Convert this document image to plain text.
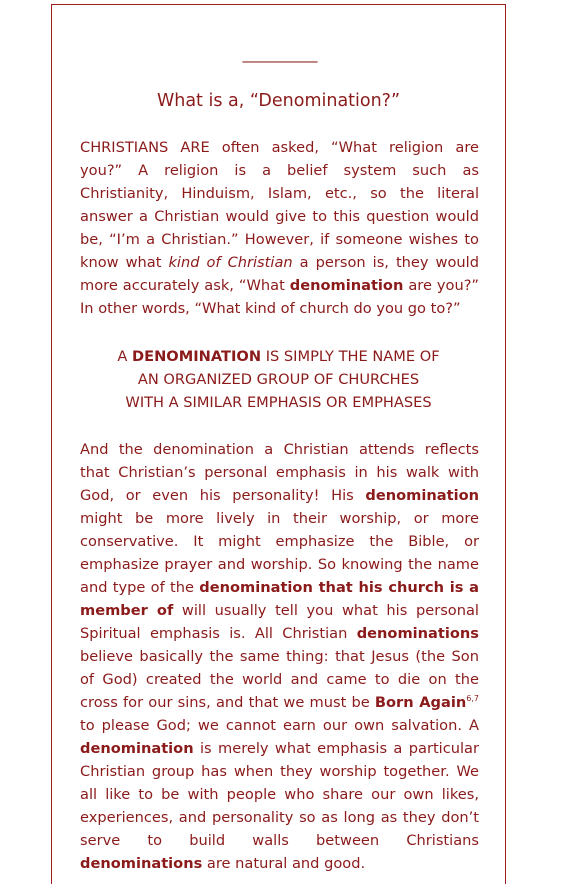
__________
What is a, “Denomination?”
CHRISTIANS ARE often asked, “What religion are you?” A religion is a belief system such as Christianity, Hinduism, Islam, etc., so the literal answer a Christian would give to this question would be, “I’m a Christian.” However, if someone wishes to know what kind of Christian a person is, they would more accurately ask, “What denomination are you?” In other words, “What kind of church do you go to?”
A DENOMINATION IS SIMPLY THE NAME OF
AN ORGANIZED GROUP OF CHURCHES
WITH A SIMILAR EMPHASIS OR EMPHASES
And the denomination a Christian attends reflects that Christian’s personal emphasis in his walk with God, or even his personality! His denomination might be more lively in their worship, or more conservative. It might emphasize the Bible, or emphasize prayer and worship. So knowing the name and type of the denomination that his church is a member of will usually tell you what his personal Spiritual emphasis is. All Christian denominations believe basically the same thing: that Jesus (the Son of God) created the world and came to die on the cross for our sins, and that we must be Born Again$^{6,7}$ to please God; we cannot earn our own salvation. A denomination is merely what emphasis a particular Christian group has when they worship together. We all like to be with people who share our own likes, experiences, and personality so as long as they don’t serve to build walls between Christians denominations are natural and good.
